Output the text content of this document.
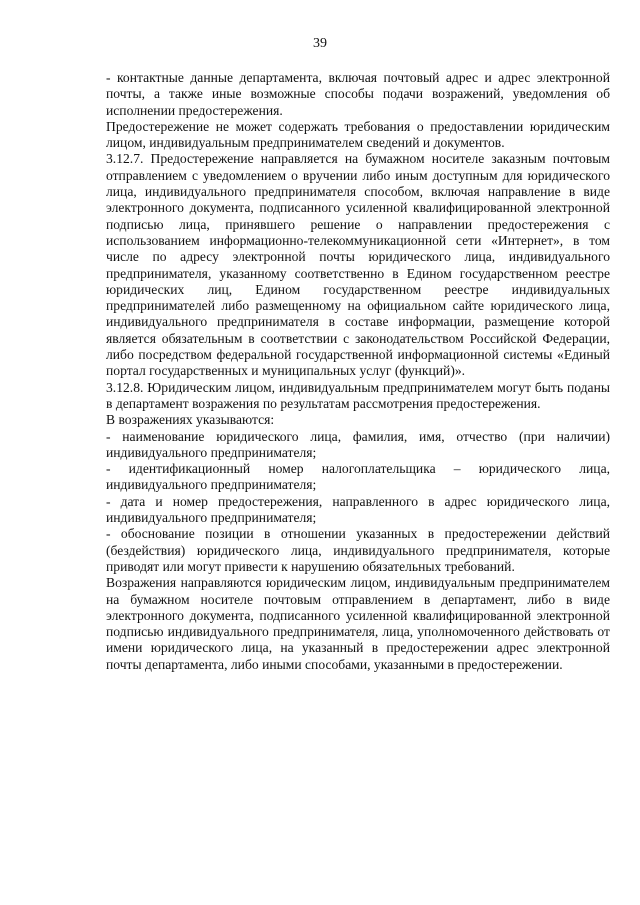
39

- контактные данные департамента, включая почтовый адрес и адрес электронной почты, а также иные возможные способы подачи возражений, уведомления об исполнении предостережения.

Предостережение не может содержать требования о предоставлении юридическим лицом, индивидуальным предпринимателем сведений и документов.

3.12.7. Предостережение направляется на бумажном носителе заказным почтовым отправлением с уведомлением о вручении либо иным доступным для юридического лица, индивидуального предпринимателя способом, включая направление в виде электронного документа, подписанного усиленной квалифицированной электронной подписью лица, принявшего решение о направлении предостережения с использованием информационно-телекоммуникационной сети «Интернет», в том числе по адресу электронной почты юридического лица, индивидуального предпринимателя, указанному соответственно в Едином государственном реестре юридических лиц, Едином государственном реестре индивидуальных предпринимателей либо размещенному на официальном сайте юридического лица, индивидуального предпринимателя в составе информации, размещение которой является обязательным в соответствии с законодательством Российской Федерации, либо посредством федеральной государственной информационной системы «Единый портал государственных и муниципальных услуг (функций)».

3.12.8. Юридическим лицом, индивидуальным предпринимателем могут быть поданы в департамент возражения по результатам рассмотрения предостережения.

В возражениях указываются:

- наименование юридического лица, фамилия, имя, отчество (при наличии) индивидуального предпринимателя;

- идентификационный номер налогоплательщика – юридического лица, индивидуального предпринимателя;

- дата и номер предостережения, направленного в адрес юридического лица, индивидуального предпринимателя;

- обоснование позиции в отношении указанных в предостережении действий (бездействия) юридического лица, индивидуального предпринимателя, которые приводят или могут привести к нарушению обязательных требований.

Возражения направляются юридическим лицом, индивидуальным предпринимателем на бумажном носителе почтовым отправлением в департамент, либо в виде электронного документа, подписанного усиленной квалифицированной электронной подписью индивидуального предпринимателя, лица, уполномоченного действовать от имени юридического лица, на указанный в предостережении адрес электронной почты департамента, либо иными способами, указанными в предостережении.
